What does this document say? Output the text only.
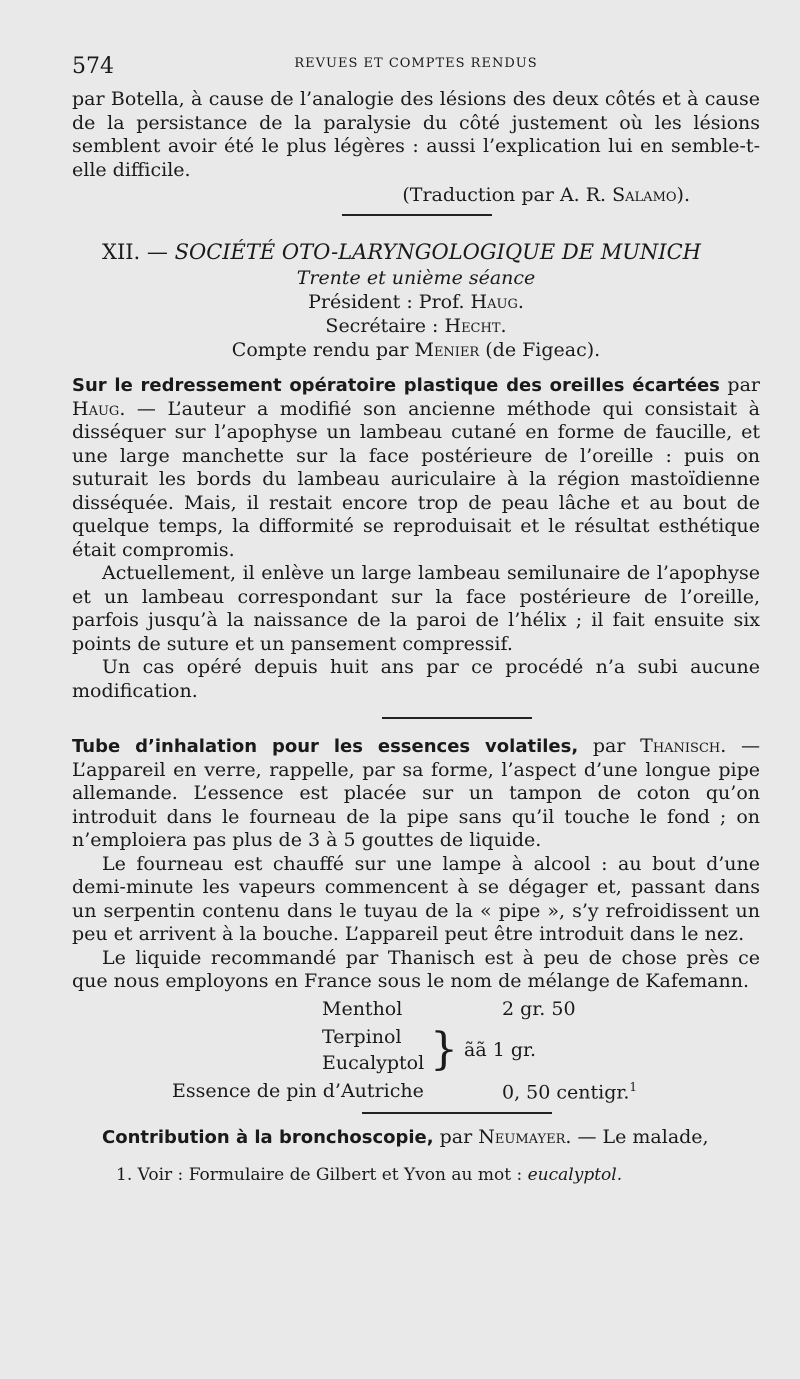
574	REVUES ET COMPTES RENDUS

par Botella, à cause de l’analogie des lésions des deux côtés et à cause de la persistance de la paralysie du côté justement où les lésions semblent avoir été le plus légères : aussi l’explication lui en semble-t-elle difficile.

(Traduction par A. R. Salamo).

XII. — SOCIÉTÉ OTO-LARYNGOLOGIQUE DE MUNICH

Trente et unième séance

Président : Prof. Haug.

Secrétaire : Hecht.

Compte rendu par Menier (de Figeac).

Sur le redressement opératoire plastique des oreilles écartées par Haug. — L’auteur a modifié son ancienne méthode qui consistait à disséquer sur l’apophyse un lambeau cutané en forme de faucille, et une large manchette sur la face postérieure de l’oreille : puis on suturait les bords du lambeau auriculaire à la région mastoïdienne disséquée. Mais, il restait encore trop de peau lâche et au bout de quelque temps, la difformité se reproduisait et le résultat esthétique était compromis.

Actuellement, il enlève un large lambeau semilunaire de l’apophyse et un lambeau correspondant sur la face postérieure de l’oreille, parfois jusqu’à la naissance de la paroi de l’hélix ; il fait ensuite six points de suture et un pansement compressif.

Un cas opéré depuis huit ans par ce procédé n’a subi aucune modification.

Tube d’inhalation pour les essences volatiles, par Thanisch. — L’appareil en verre, rappelle, par sa forme, l’aspect d’une longue pipe allemande. L’essence est placée sur un tampon de coton qu’on introduit dans le fourneau de la pipe sans qu’il touche le fond ; on n’emploiera pas plus de 3 à 5 gouttes de liquide.

Le fourneau est chauffé sur une lampe à alcool : au bout d’une demi-minute les vapeurs commencent à se dégager et, passant dans un serpentin contenu dans le tuyau de la « pipe », s’y refroidissent un peu et arrivent à la bouche. L’appareil peut être introduit dans le nez.

Le liquide recommandé par Thanisch est à peu de chose près ce que nous employons en France sous le nom de mélange de Kafemann.

Menthol	2 gr. 50
Terpinol
Eucalyptol } ãã 1 gr.
Essence de pin d’Autriche	0, 50 centigr.$^1$

Contribution à la bronchoscopie, par Neumayer. — Le malade,

1. Voir : Formulaire de Gilbert et Yvon au mot : eucalyptol.
